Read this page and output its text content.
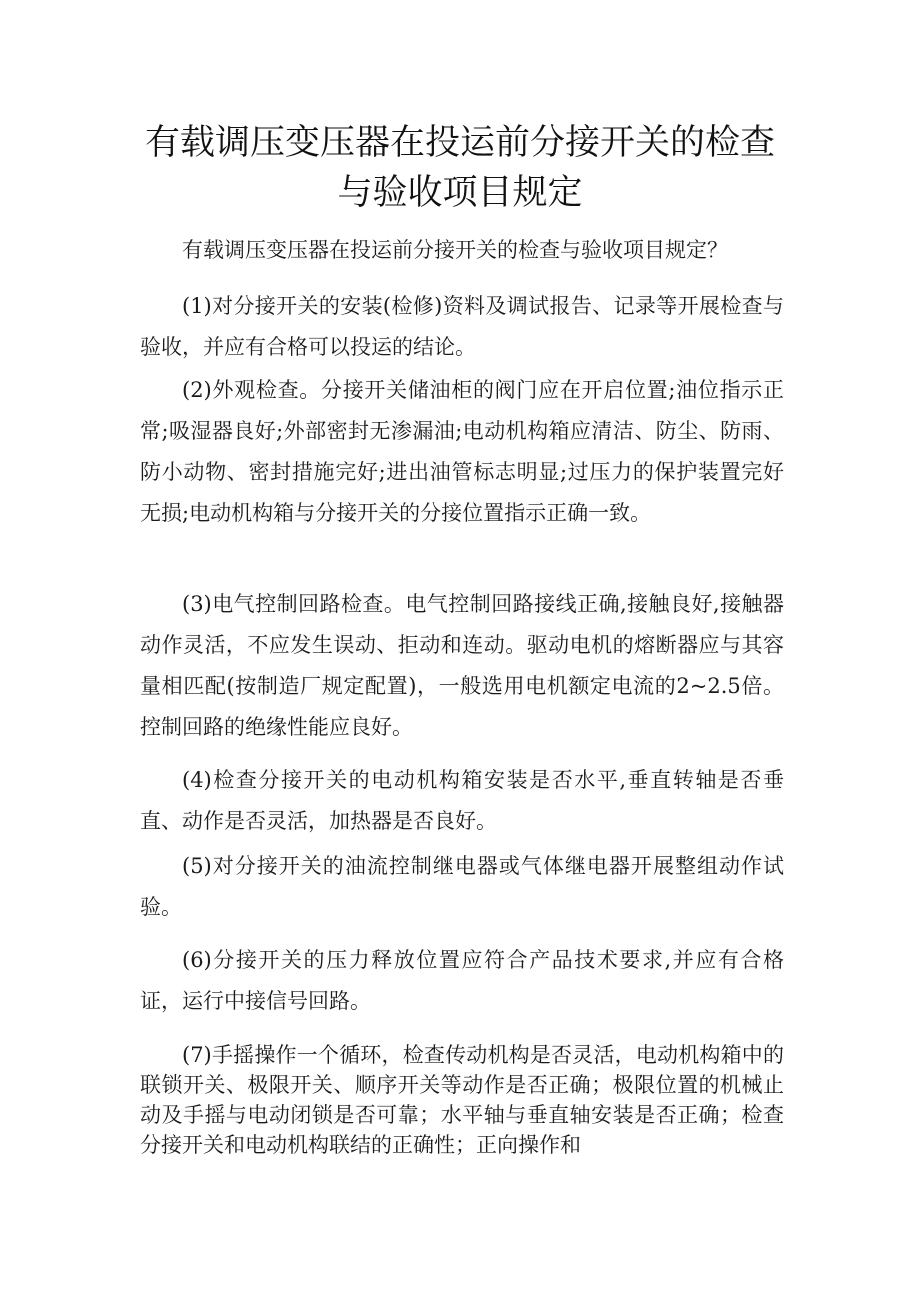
有载调压变压器在投运前分接开关的检查
与验收项目规定

有载调压变压器在投运前分接开关的检查与验收项目规定？

(1)对分接开关的安装(检修)资料及调试报告、记录等开展检查与验收，并应有合格可以投运的结论。

(2)外观检查。分接开关储油柜的阀门应在开启位置;油位指示正常;吸湿器良好;外部密封无渗漏油;电动机构箱应清洁、防尘、防雨、防小动物、密封措施完好;进出油管标志明显;过压力的保护装置完好无损;电动机构箱与分接开关的分接位置指示正确一致。

(3)电气控制回路检查。电气控制回路接线正确,接触良好,接触器动作灵活，不应发生误动、拒动和连动。驱动电机的熔断器应与其容量相匹配(按制造厂规定配置)，一般选用电机额定电流的2~2.5倍。控制回路的绝缘性能应良好。

(4)检查分接开关的电动机构箱安装是否水平,垂直转轴是否垂直、动作是否灵活，加热器是否良好。

(5)对分接开关的油流控制继电器或气体继电器开展整组动作试验。

(6)分接开关的压力释放位置应符合产品技术要求,并应有合格证，运行中接信号回路。

(7)手摇操作一个循环，检查传动机构是否灵活，电动机构箱中的联锁开关、极限开关、顺序开关等动作是否正确；极限位置的机械止动及手摇与电动闭锁是否可靠；水平轴与垂直轴安装是否正确；检查分接开关和电动机构联结的正确性；正向操作和
